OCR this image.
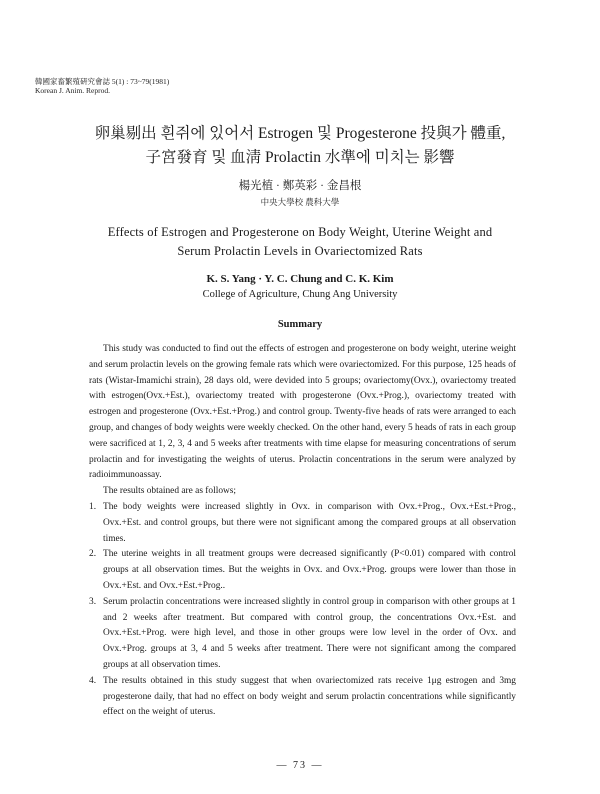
韓國家畜繁殖硏究會誌 5(1) : 73~79(1981)
Korean J. Anim. Reprod.
卵巢剔出 흰쥐에 있어서 Estrogen 및 Progesterone 投與가 體重,
子宮發育 및 血淸 Prolactin 水準에 미치는 影響
楊光植 · 鄭英彩 · 金昌根
中央大學校 農科大學
Effects of Estrogen and Progesterone on Body Weight, Uterine Weight and
Serum Prolactin Levels in Ovariectomized Rats
K. S. Yang · Y. C. Chung and C. K. Kim
College of Agriculture, Chung Ang University
Summary

This study was conducted to find out the effects of estrogen and progesterone on body weight, uterine weight and serum prolactin levels on the growing female rats which were ovariectomized. For this purpose, 125 heads of rats (Wistar-Imamichi strain), 28 days old, were devided into 5 groups; ovariectomy(Ovx.), ovariectomy treated with estrogen(Ovx.+Est.), ovariectomy treated with progesterone (Ovx.+Prog.), ovariectomy treated with estrogen and progesterone (Ovx.+Est.+Prog.) and control group. Twenty-five heads of rats were arranged to each group, and changes of body weights were weekly checked. On the other hand, every 5 heads of rats in each group were sacrificed at 1, 2, 3, 4 and 5 weeks after treatments with time elapse for measuring concentrations of serum prolactin and for investigating the weights of uterus. Prolactin concentrations in the serum were analyzed by radioimmunoassay.

The results obtained are as follows;

1. The body weights were increased slightly in Ovx. in comparison with Ovx.+Prog., Ovx.+Est.+Prog., Ovx.+Est. and control groups, but there were not significant among the compared groups at all observation times.
2. The uterine weights in all treatment groups were decreased significantly (P<0.01) compared with control groups at all observation times. But the weights in Ovx. and Ovx.+Prog. groups were lower than those in Ovx.+Est. and Ovx.+Est.+Prog..
3. Serum prolactin concentrations were increased slightly in control group in comparison with other groups at 1 and 2 weeks after treatment. But compared with control group, the concentrations Ovx.+Est. and Ovx.+Est.+Prog. were high level, and those in other groups were low level in the order of Ovx. and Ovx.+Prog. groups at 3, 4 and 5 weeks after treatment. There were not significant among the compared groups at all observation times.
4. The results obtained in this study suggest that when ovariectomized rats receive 1μg estrogen and 3mg progesterone daily, that had no effect on body weight and serum prolactin concentrations while significantly effect on the weight of uterus.
— 73 —
